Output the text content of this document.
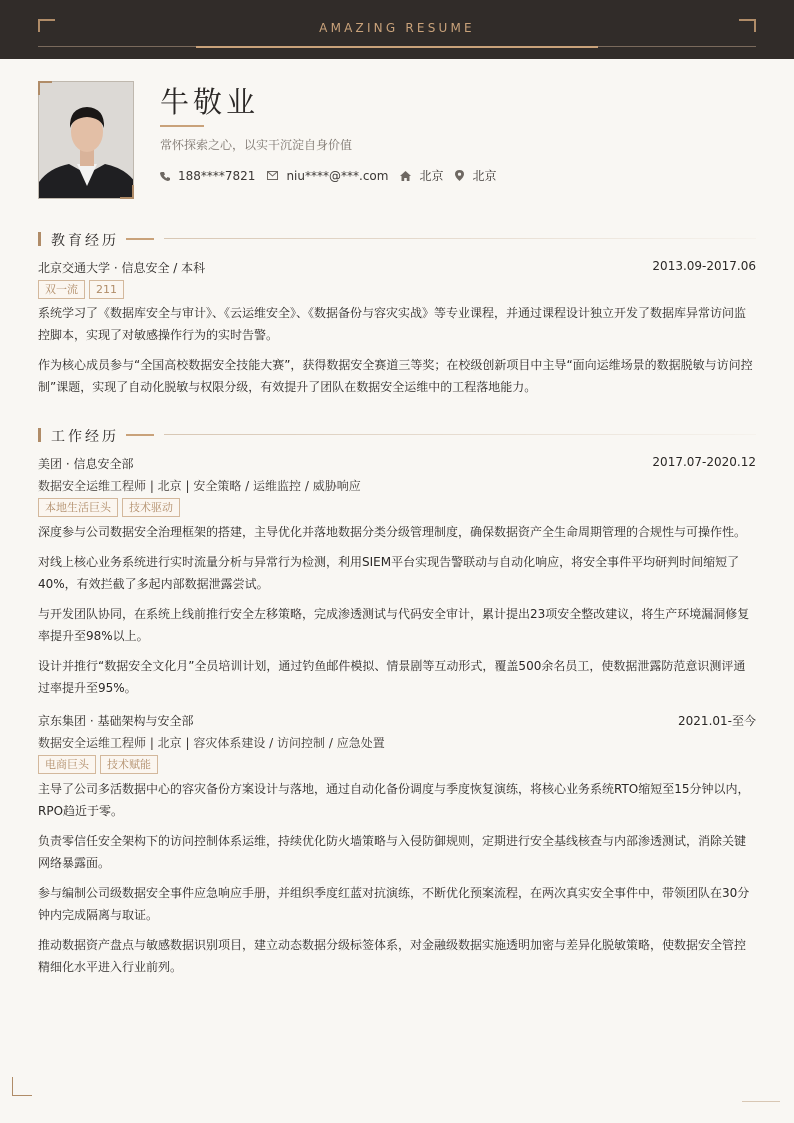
AMAZING RESUME
牛敬业
常怀探索之心，以实干沉淀自身价值
188****7821	niu****@***.com	北京 北京
教育经历
北京交通大学 · 信息安全 / 本科	2013.09-2017.06
双一流	211
系统学习了《数据库安全与审计》、《云运维安全》、《数据备份与容灾实战》等专业课程，并通过课程设计独立开发了数据库异常访问监控脚本，实现了对敏感操作行为的实时告警。
作为核心成员参与“全国高校数据安全技能大赛”，获得数据安全赛道三等奖；在校级创新项目中主导“面向运维场景的数据脱敏与访问控制”课题，实现了自动化脱敏与权限分级，有效提升了团队在数据安全运维中的工程落地能力。
工作经历
美团 · 信息安全部	2017.07-2020.12
数据安全运维工程师 | 北京 | 安全策略 / 运维监控 / 威胁响应
本地生活巨头	技术驱动
深度参与公司数据安全治理框架的搭建，主导优化并落地数据分类分级管理制度，确保数据资产全生命周期管理的合规性与可操作性。
对线上核心业务系统进行实时流量分析与异常行为检测，利用SIEM平台实现告警联动与自动化响应，将安全事件平均研判时间缩短了40%，有效拦截了多起内部数据泄露尝试。
与开发团队协同，在系统上线前推行安全左移策略，完成渗透测试与代码安全审计，累计提出23项安全整改建议，将生产环境漏洞修复率提升至98%以上。
设计并推行“数据安全文化月”全员培训计划，通过钓鱼邮件模拟、情景剧等互动形式，覆盖500余名员工，使数据泄露防范意识测评通过率提升至95%。
京东集团 · 基础架构与安全部	2021.01-至今
数据安全运维工程师 | 北京 | 容灾体系建设 / 访问控制 / 应急处置
电商巨头	技术赋能
主导了公司多活数据中心的容灾备份方案设计与落地，通过自动化备份调度与季度恢复演练，将核心业务系统RTO缩短至15分钟以内，RPO趋近于零。
负责零信任安全架构下的访问控制体系运维，持续优化防火墙策略与入侵防御规则，定期进行安全基线核查与内部渗透测试，消除关键网络暴露面。
参与编制公司级数据安全事件应急响应手册，并组织季度红蓝对抗演练，不断优化预案流程，在两次真实安全事件中，带领团队在30分钟内完成隔离与取证。
推动数据资产盘点与敏感数据识别项目，建立动态数据分级标签体系，对金融级数据实施透明加密与差异化脱敏策略，使数据安全管控精细化水平进入行业前列。
